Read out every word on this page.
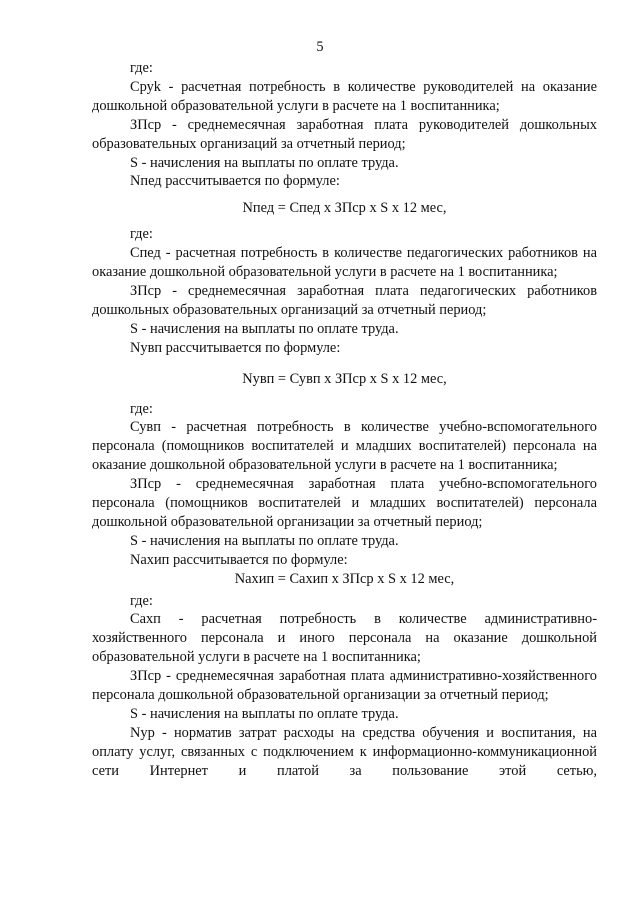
5

где:

Сруk - расчетная потребность в количестве руководителей на оказание дошкольной образовательной услуги в расчете на 1 воспитанника;

ЗПср - среднемесячная заработная плата руководителей дошкольных образовательных организаций за отчетный период;

S - начисления на выплаты по оплате труда.

Nпед рассчитывается по формуле:

Nпед = Спед х ЗПср х S х 12 мес,

где:

Спед - расчетная потребность в количестве педагогических работников на оказание дошкольной образовательной услуги в расчете на 1 воспитанника;

ЗПср - среднемесячная заработная плата педагогических работников дошкольных образовательных организаций за отчетный период;

S - начисления на выплаты по оплате труда.

Nувп рассчитывается по формуле:

Nувп = Сувп х ЗПср х S х 12 мес,

где:

Сувп - расчетная потребность в количестве учебно-вспомогательного персонала (помощников воспитателей и младших воспитателей) персонала на оказание дошкольной образовательной услуги в расчете на 1 воспитанника;

ЗПср - среднемесячная заработная плата учебно-вспомогательного персонала (помощников воспитателей и младших воспитателей) персонала дошкольной образовательной организации за отчетный период;

S - начисления на выплаты по оплате труда.

Nахип рассчитывается по формуле:

Nахип = Сахип х ЗПср х S х 12 мес,

где:

Сахп - расчетная потребность в количестве административно-хозяйственного персонала и иного персонала на оказание дошкольной образовательной услуги в расчете на 1 воспитанника;

ЗПср - среднемесячная заработная плата административно-хозяйственного персонала дошкольной образовательной организации за отчетный период;

S - начисления на выплаты по оплате труда.

Nур - норматив затрат расходы на средства обучения и воспитания, на оплату услуг, связанных с подключением к информационно-коммуникационной сети Интернет и платой за пользование этой сетью,
